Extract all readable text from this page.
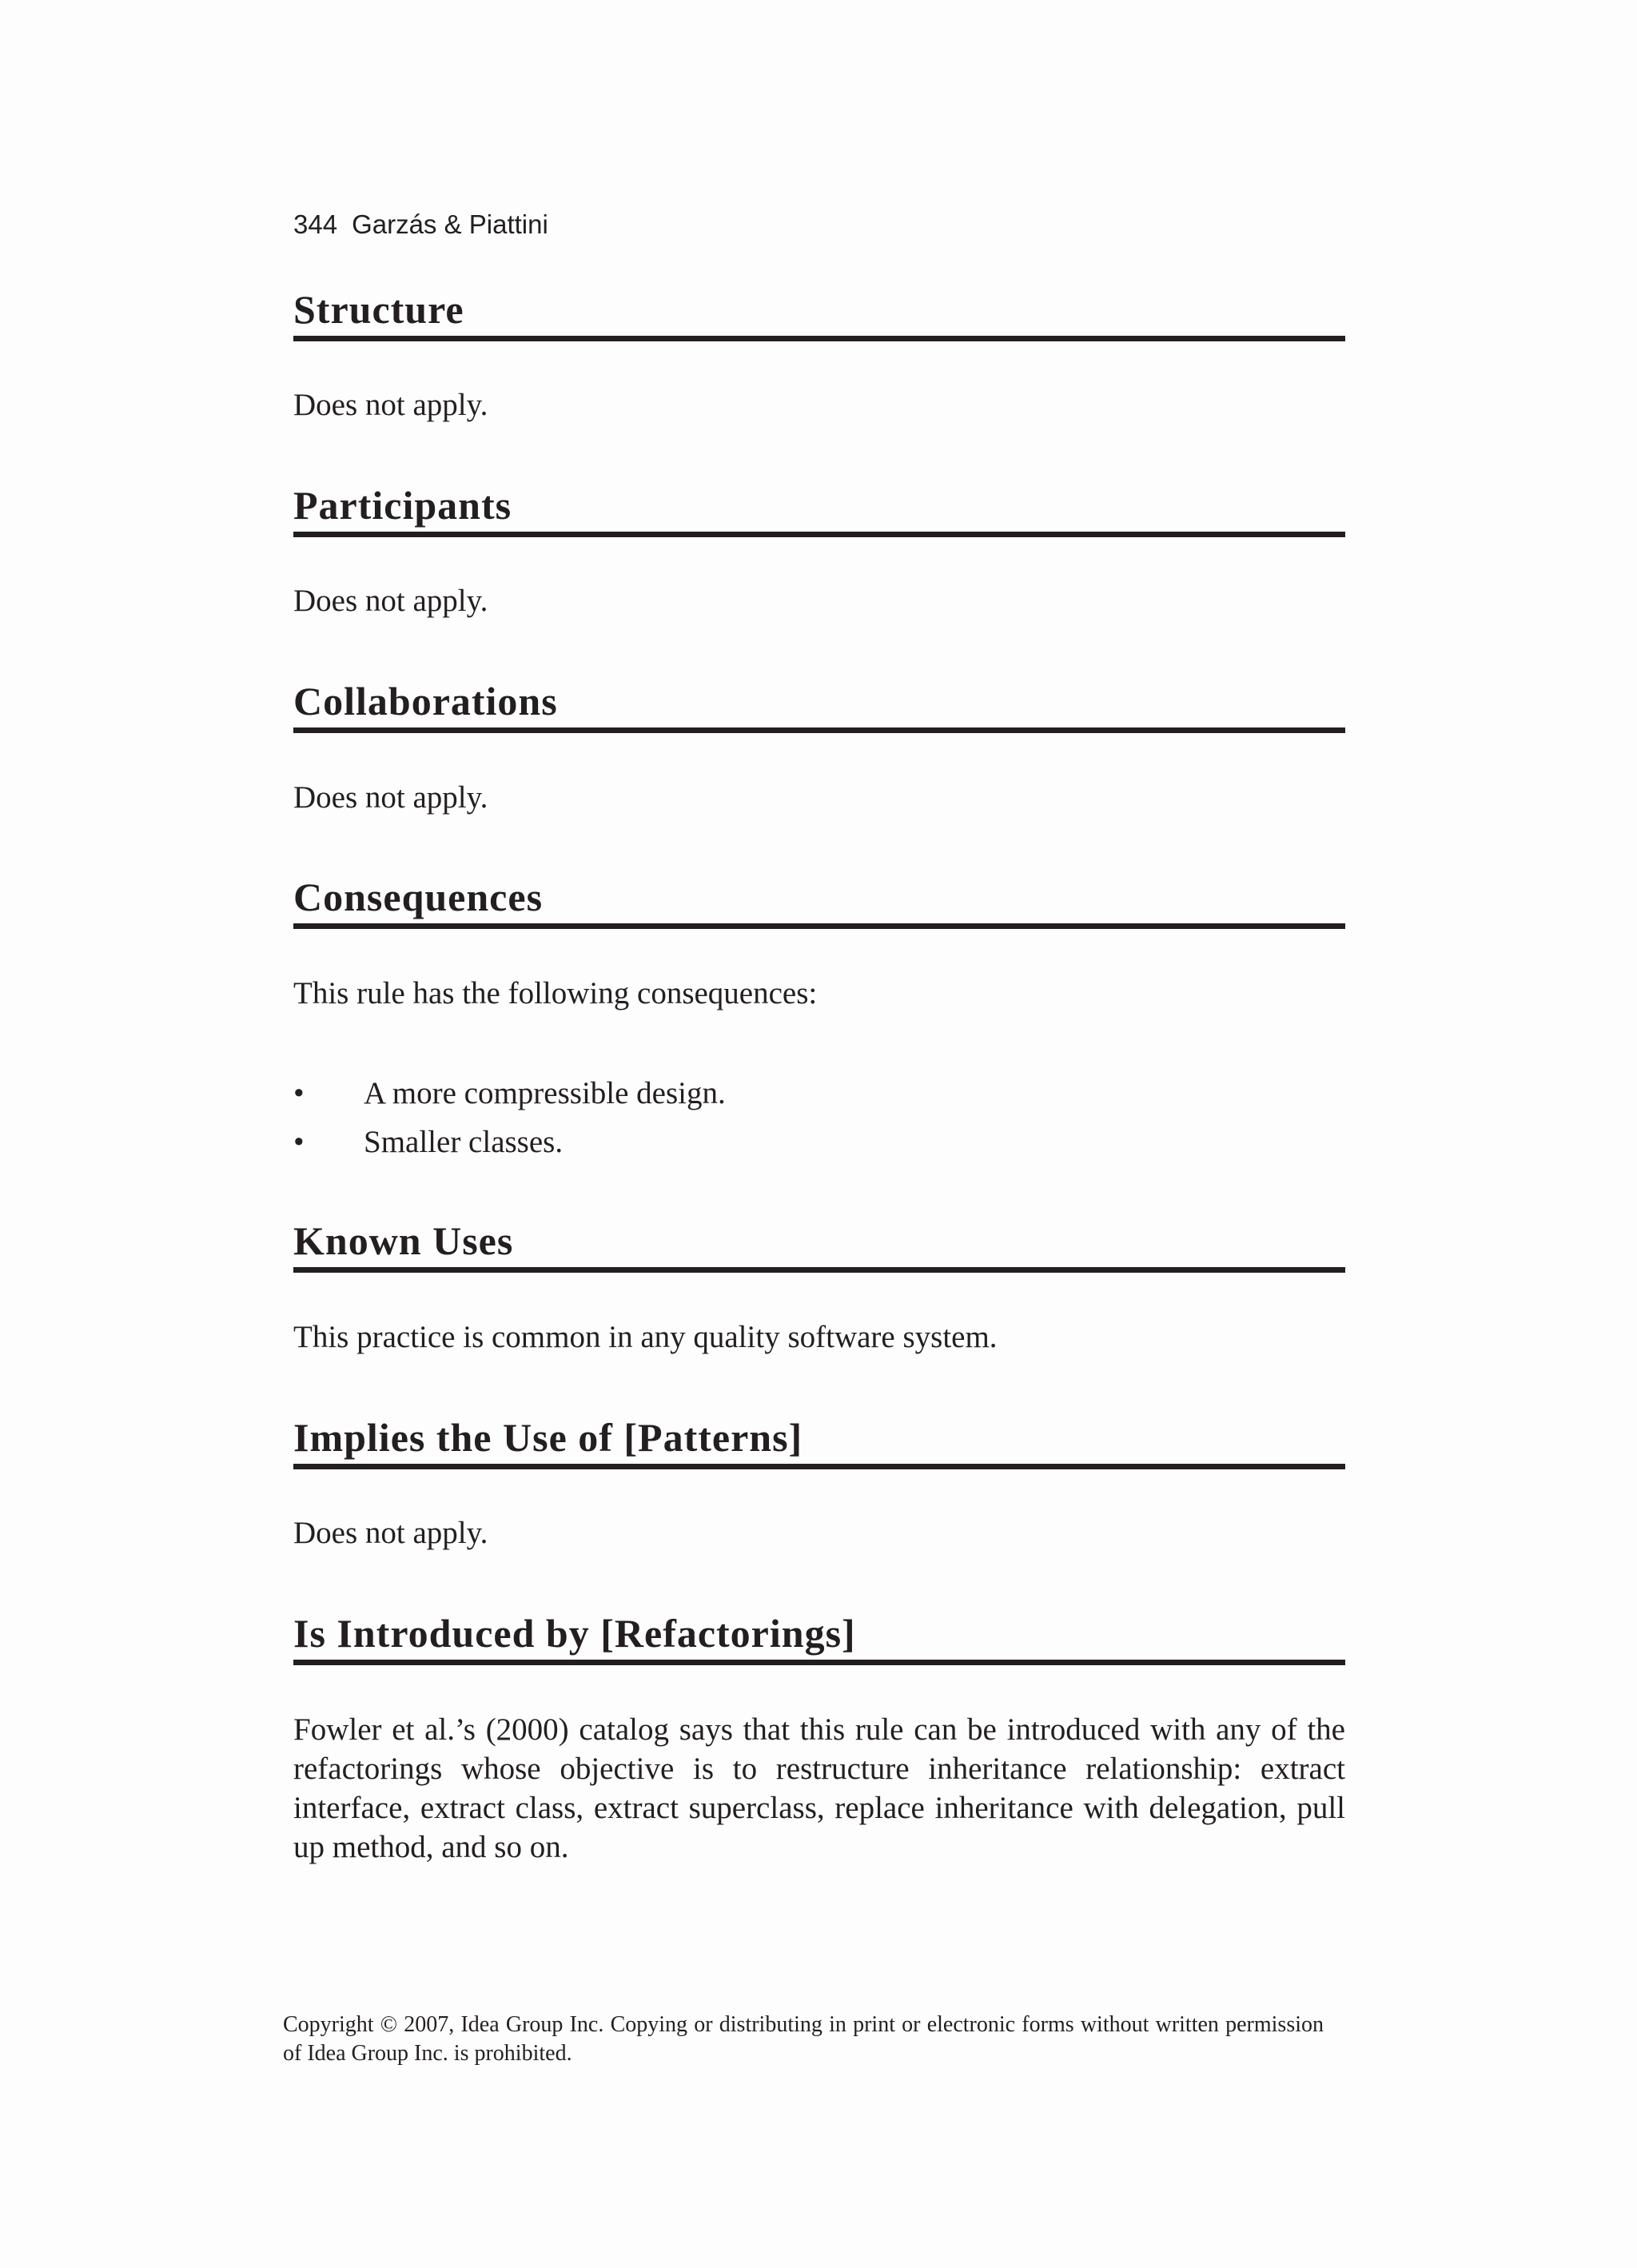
344 Garzás & Piattini
Structure

Does not apply.

Participants

Does not apply.

Collaborations

Does not apply.

Consequences

This rule has the following consequences:

• A more compressible design.
• Smaller classes.
Known Uses

This practice is common in any quality software system.

Implies the Use of [Patterns]

Does not apply.

Is Introduced by [Refactorings]

Fowler et al.’s (2000) catalog says that this rule can be introduced with any of the refactorings whose objective is to restructure inheritance relationship: extract interface, extract class, extract superclass, replace inheritance with delegation, pull up method, and so on.

Copyright © 2007, Idea Group Inc. Copying or distributing in print or electronic forms without written permission of Idea Group Inc. is prohibited.
